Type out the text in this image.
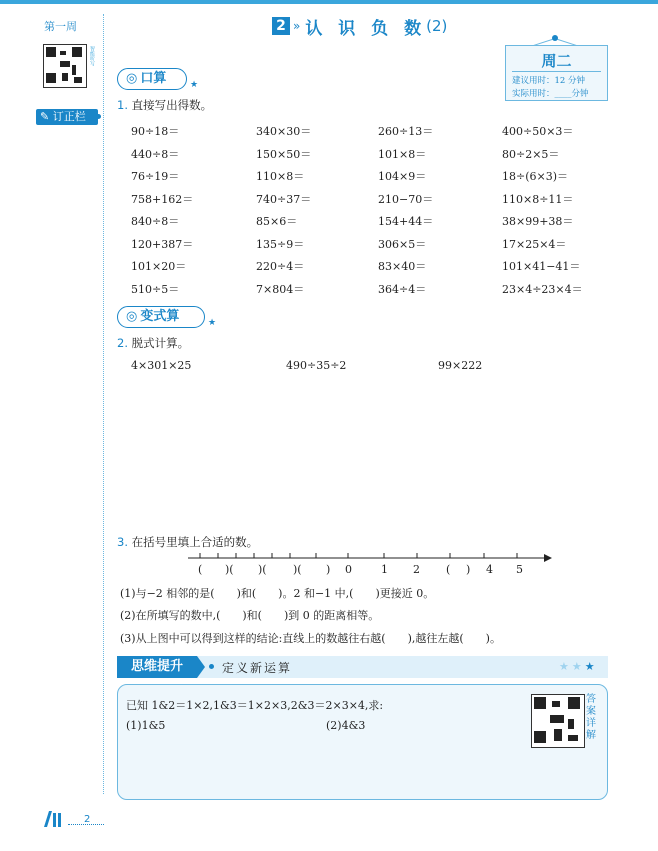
第一周
智能听写
✎ 订正栏
2 » 认 识 负 数 (2)
周二
建议用时：12 分钟
实际用时：____分钟
◎ 口算	★
1. 直接写出得数。
90÷18＝	340×30＝	260÷13＝	400÷50×3＝
440÷8＝	150×50＝	101×8＝	80÷2×5＝
76÷19＝	110×8＝	104×9＝	18÷(6×3)＝
758+162＝	740÷37＝	210−70＝	110×8÷11＝
840÷8＝	85×6＝	154+44＝	38×99+38＝
120+387＝	135÷9＝	306×5＝	17×25×4＝
101×20＝	220÷4＝	83×40＝	101×41−41＝
510÷5＝	7×804＝	364÷4＝	23×4÷23×4＝
◎ 变式算	★
2. 脱式计算。
4×301×25	490÷35÷2	99×222
3. 在括号里填上合适的数。
( )( )( )( ) 0	1 2 ( ) 4 5
(1)与−2 相邻的是(　　)和(　　)。2 和−1 中,(　　)更接近 0。
(2)在所填写的数中,(　　)和(　　)到 0 的距离相等。
(3)从上图中可以得到这样的结论:直线上的数越往右越(　　),越往左越(　　)。
思维提升	定义新运算	★★★
已知 1&2＝1×2,1&3＝1×2×3,2&3＝2×3×4,求:
(1)1&5	(2)4&3
答案详解
2
